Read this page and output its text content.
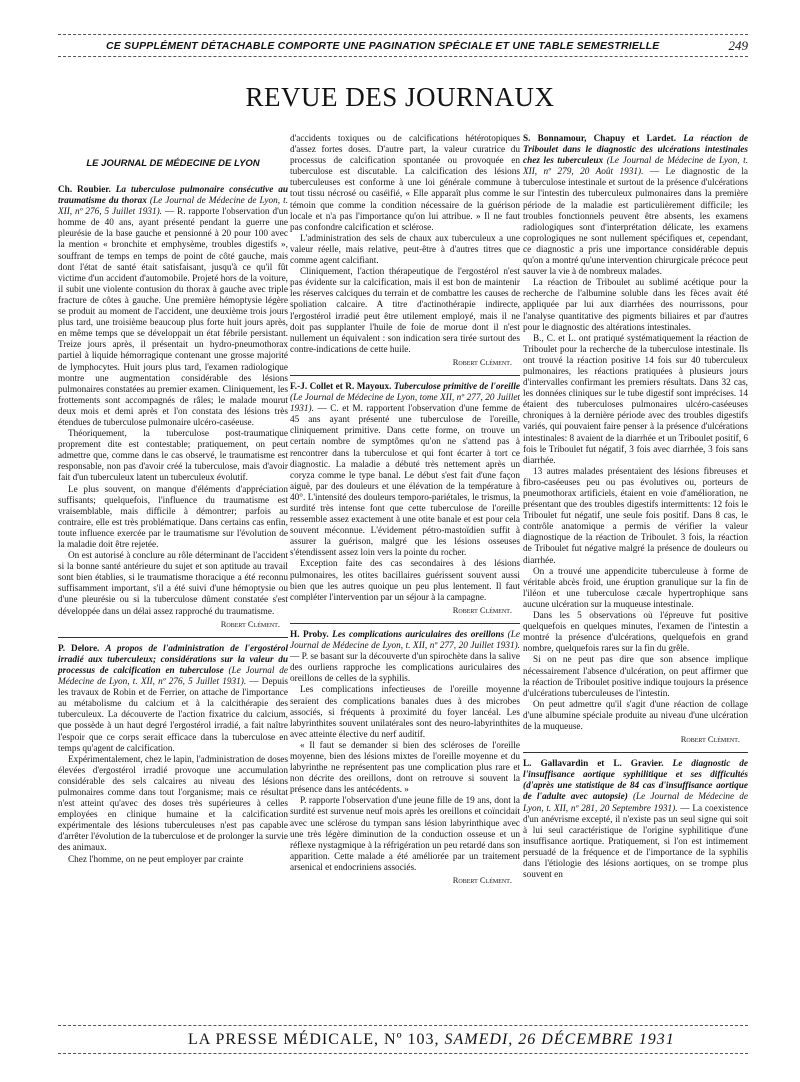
CE SUPPLÉMENT DÉTACHABLE COMPORTE UNE PAGINATION SPÉCIALE ET UNE TABLE SEMESTRIELLE	249
REVUE DES JOURNAUX
LE JOURNAL DE MÉDECINE DE LYON

Ch. Roubier. La tuberculose pulmonaire consécutive au traumatisme du thorax (Le Journal de Médecine de Lyon, t. XII, nº 276, 5 Juillet 1931). — R. rapporte l'observation d'un homme de 40 ans, ayant présenté pendant la guerre une pleurésie de la base gauche et pensionné à 20 pour 100 avec la mention « bronchite et emphysème, troubles digestifs », souffrant de temps en temps de point de côté gauche, mais dont l'état de santé était satisfaisant, jusqu'à ce qu'il fût victime d'un accident d'automobile. Projeté hors de la voiture, il subit une violente contusion du thorax à gauche avec triple fracture de côtes à gauche. Une première hémoptysie légère se produit au moment de l'accident, une deuxième trois jours plus tard, une troisième beaucoup plus forte huit jours après, en même temps que se développait un état fébrile persistant. Treize jours après, il présentait un hydro-pneumothorax partiel à liquide hémorragique contenant une grosse majorité de lymphocytes. Huit jours plus tard, l'examen radiologique montre une augmentation considérable des lésions pulmonaires constatées au premier examen. Cliniquement, les frottements sont accompagnés de râles; le malade mourut deux mois et demi après et l'on constata des lésions très étendues de tuberculose pulmonaire ulcéro-caséeuse.

Théoriquement, la tuberculose post-traumatique proprement dite est contestable; pratiquement, on peut admettre que, comme dans le cas observé, le traumatisme est responsable, non pas d'avoir créé la tuberculose, mais d'avoir fait d'un tuberculeux latent un tuberculeux évolutif.

Le plus souvent, on manque d'éléments d'appréciation suffisants; quelquefois, l'influence du traumatisme est vraisemblable, mais difficile à démontrer; parfois au contraire, elle est très problématique. Dans certains cas enfin, toute influence exercée par le traumatisme sur l'évolution de la maladie doit être rejetée.

On est autorisé à conclure au rôle déterminant de l'accident si la bonne santé antérieure du sujet et son aptitude au travail sont bien établies, si le traumatisme thoracique a été reconnu suffisamment important, s'il a été suivi d'une hémoptysie ou d'une pleurésie ou si la tuberculose dûment constatée s'est développée dans un délai assez rapproché du traumatisme.

Robert Clément.

P. Delore. A propos de l'administration de l'ergostérol irradié aux tuberculeux; considérations sur la valeur du processus de calcification en tuberculose (Le Journal de Médecine de Lyon, t. XII, nº 276, 5 Juillet 1931). — Depuis les travaux de Robin et de Ferrier, on attache de l'importance au métabolisme du calcium et à la calcithérapie des tuberculeux. La découverte de l'action fixatrice du calcium, que possède à un haut degré l'ergostérol irradié, a fait naître l'espoir que ce corps serait efficace dans la tuberculose en temps qu'agent de calcification.

Expérimentalement, chez le lapin, l'administration de doses élevées d'ergostérol irradié provoque une accumulation considérable des sels calcaires au niveau des lésions pulmonaires comme dans tout l'organisme; mais ce résultat n'est atteint qu'avec des doses très supérieures à celles employées en clinique humaine et la calcification expérimentale des lésions tuberculeuses n'est pas capable d'arrêter l'évolution de la tuberculose et de prolonger la survie des animaux.

Chez l'homme, on ne peut employer par crainte

d'accidents toxiques ou de calcifications hétérotopiques d'assez fortes doses. D'autre part, la valeur curatrice du processus de calcification spontanée ou provoquée en tuberculose est discutable. La calcification des lésions tuberculeuses est conforme à une loi générale commune à tout tissu nécrosé ou caséifié, « Elle apparaît plus comme le témoin que comme la condition nécessaire de la guérison locale et n'a pas l'importance qu'on lui attribue. » Il ne faut pas confondre calcification et sclérose.

L'administration des sels de chaux aux tuberculeux a une valeur réelle, mais relative, peut-être à d'autres titres que comme agent calcifiant.

Cliniquement, l'action thérapeutique de l'ergostérol n'est pas évidente sur la calcification, mais il est bon de maintenir les réserves calciques du terrain et de combattre les causes de spoliation calcaire. A titre d'actinothérapie indirecte, l'ergostérol irradié peut être utilement employé, mais il ne doit pas supplanter l'huile de foie de morue dont il n'est nullement un équivalent : son indication sera tirée surtout des contre-indications de cette huile.

Robert Clément.

F.-J. Collet et R. Mayoux. Tuberculose primitive de l'oreille (Le Journal de Médecine de Lyon, tome XII, nº 277, 20 Juillet 1931). — C. et M. rapportent l'observation d'une femme de 45 ans ayant présenté une tuberculose de l'oreille, cliniquement primitive. Dans cette forme, on trouve un certain nombre de symptômes qu'on ne s'attend pas à rencontrer dans la tuberculose et qui font écarter à tort ce diagnostic. La maladie a débuté très nettement après un coryza comme le type banal. Le début s'est fait d'une façon aiguë, par des douleurs et une élévation de la température à 40°. L'intensité des douleurs temporo-pariétales, le trismus, la surdité très intense font que cette tuberculose de l'oreille ressemble assez exactement à une otite banale et est pour cela souvent méconnue. L'évidement pétro-mastoïdien suffit à assurer la guérison, malgré que les lésions osseuses s'étendissent assez loin vers la pointe du rocher.

Exception faite des cas secondaires à des lésions pulmonaires, les otites bacillaires guérissent souvent aussi bien que les autres quoique un peu plus lentement. Il faut compléter l'intervention par un séjour à la campagne.

Robert Clément.

H. Proby. Les complications auriculaires des oreillons (Le Journal de Médecine de Lyon, t. XII, nº 277, 20 Juillet 1931). — P. se basant sur la découverte d'un spirochète dans la salive des ourliens rapproche les complications auriculaires des oreillons de celles de la syphilis.

Les complications infectieuses de l'oreille moyenne seraient des complications banales dues à des microbes associés, si fréquents à proximité du foyer lancéal. Les labyrinthites souvent unilatérales sont des neuro-labyrinthites avec atteinte élective du nerf auditif.

« Il faut se demander si bien des scléroses de l'oreille moyenne, bien des lésions mixtes de l'oreille moyenne et du labyrinthe ne représentent pas une complication plus rare et non décrite des oreillons, dont on retrouve si souvent la présence dans les antécédents. »

P. rapporte l'observation d'une jeune fille de 19 ans, dont la surdité est survenue neuf mois après les oreillons et coïncidait avec une sclérose du tympan sans lésion labyrinthique avec une très légère diminution de la conduction osseuse et un réflexe nystagmique à la réfrigération un peu retardé dans son apparition. Cette malade a été améliorée par un traitement arsenical et endocriniens associés.

Robert Clément.

S. Bonnamour, Chapuy et Lardet. La réaction de Triboulet dans le diagnostic des ulcérations intestinales chez les tuberculeux (Le Journal de Médecine de Lyon, t. XII, nº 279, 20 Août 1931). — Le diagnostic de la tuberculose intestinale et surtout de la présence d'ulcérations sur l'intestin des tuberculeux pulmonaires dans la première période de la maladie est particulièrement difficile; les troubles fonctionnels peuvent être absents, les examens radiologiques sont d'interprétation délicate, les examens coprologiques ne sont nullement spécifiques et, cependant, ce diagnostic a pris une importance considérable depuis qu'on a montré qu'une intervention chirurgicale précoce peut sauver la vie à de nombreux malades.

La réaction de Triboulet au sublimé acétique pour la recherche de l'albumine soluble dans les fèces avait été appliquée par lui aux diarrhées des nourrissons, pour l'analyse quantitative des pigments biliaires et par d'autres pour le diagnostic des altérations intestinales.

B., C. et L. ont pratiqué systématiquement la réaction de Triboulet pour la recherche de la tuberculose intestinale. Ils ont trouvé la réaction positive 14 fois sur 40 tuberculeux pulmonaires, les réactions pratiquées à plusieurs jours d'intervalles confirmant les premiers résultats. Dans 32 cas, les données cliniques sur le tube digestif sont imprécises. 14 étaient des tuberculoses pulmonaires ulcéro-caséeuses chroniques à la dernière période avec des troubles digestifs variés, qui pouvaient faire penser à la présence d'ulcérations intestinales: 8 avaient de la diarrhée et un Triboulet positif, 6 fois le Triboulet fut négatif, 3 fois avec diarrhée, 3 fois sans diarrhée.

13 autres malades présentaient des lésions fibreuses et fibro-caséeuses peu ou pas évolutives ou, porteurs de pneumothorax artificiels, étaient en voie d'amélioration, ne présentant que des troubles digestifs intermittents: 12 fois le Triboulet fut négatif, une seule fois positif. Dans 8 cas, le contrôle anatomique a permis de vérifier la valeur diagnostique de la réaction de Triboulet. 3 fois, la réaction de Triboulet fut négative malgré la présence de douleurs ou diarrhée.

On a trouvé une appendicite tuberculeuse à forme de véritable abcès froid, une éruption granulique sur la fin de l'iléon et une tuberculose cæcale hypertrophique sans aucune ulcération sur la muqueuse intestinale.

Dans les 5 observations où l'épreuve fut positive quelquefois en quelques minutes, l'examen de l'intestin a montré la présence d'ulcérations, quelquefois en grand nombre, quelquefois rares sur la fin du grêle.

Si on ne peut pas dire que son absence implique nécessairement l'absence d'ulcération, on peut affirmer que la réaction de Triboulet positive indique toujours la présence d'ulcérations tuberculeuses de l'intestin.

On peut admettre qu'il s'agit d'une réaction de collage d'une albumine spéciale produite au niveau d'une ulcération de la muqueuse.

Robert Clément.

L. Gallavardin et L. Gravier. Le diagnostic de l'insuffisance aortique syphilitique et ses difficultés (d'après une statistique de 84 cas d'insuffisance aortique de l'adulte avec autopsie) (Le Journal de Médecine de Lyon, t. XII, nº 281, 20 Septembre 1931). — La coexistence d'un anévrisme excepté, il n'existe pas un seul signe qui soit à lui seul caractéristique de l'origine syphilitique d'une insuffisance aortique. Pratiquement, si l'on est intimement persuadé de la fréquence et de l'importance de la syphilis dans l'étiologie des lésions aortiques, on se trompe plus souvent en

LA PRESSE MÉDICALE, Nº 103, SAMEDI, 26 DÉCEMBRE 1931
